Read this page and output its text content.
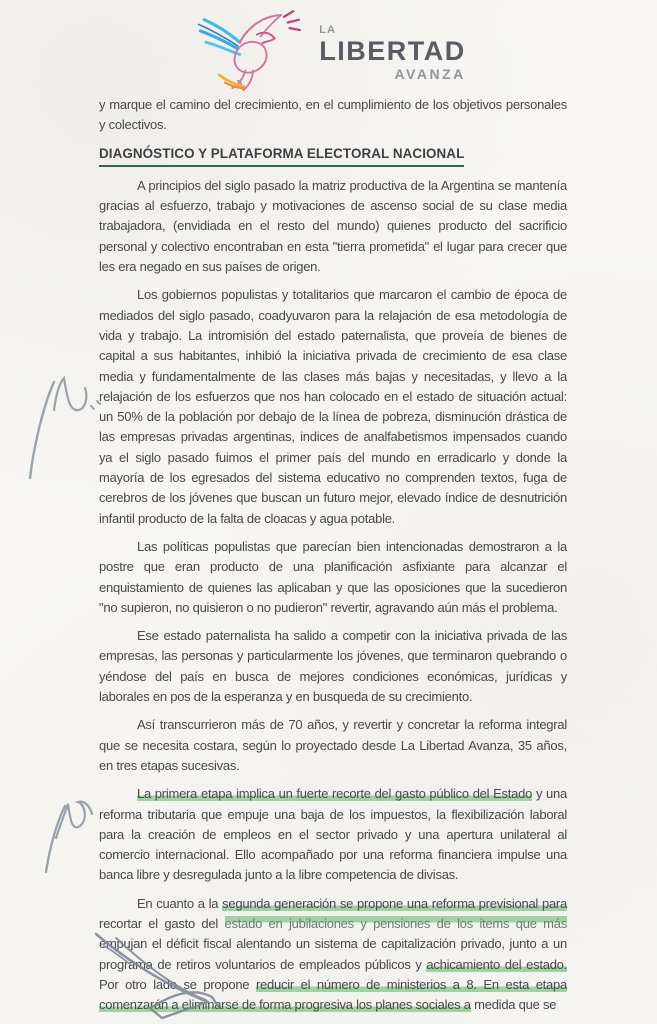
LA
LIBERTAD
AVANZA

y marque el camino del crecimiento, en el cumplimiento de los objetivos personales y colectivos.

DIAGNÓSTICO Y PLATAFORMA ELECTORAL NACIONAL

A principios del siglo pasado la matriz productiva de la Argentina se mantenía gracias al esfuerzo, trabajo y motivaciones de ascenso social de su clase media trabajadora, (envidiada en el resto del mundo) quienes producto del sacrificio personal y colectivo encontraban en esta "tierra prometida" el lugar para crecer que les era negado en sus países de origen.

Los gobiernos populistas y totalitarios que marcaron el cambio de época de mediados del siglo pasado, coadyuvaron para la relajación de esa metodología de vida y trabajo. La intromisión del estado paternalista, que proveía de bienes de capital a sus habitantes, inhibió la iniciativa privada de crecimiento de esa clase media y fundamentalmente de las clases más bajas y necesitadas, y llevo a la relajación de los esfuerzos que nos han colocado en el estado de situación actual: un 50% de la población por debajo de la línea de pobreza, disminución drástica de las empresas privadas argentinas, indices de analfabetismos impensados cuando ya el siglo pasado fuimos el primer país del mundo en erradicarlo y donde la mayoría de los egresados del sistema educativo no comprenden textos, fuga de cerebros de los jóvenes que buscan un futuro mejor, elevado índice de desnutrición infantil producto de la falta de cloacas y agua potable.

Las políticas populistas que parecían bien intencionadas demostraron a la postre que eran producto de una planificación asfixiante para alcanzar el enquistamiento de quienes las aplicaban y que las oposiciones que la sucedieron "no supieron, no quisieron o no pudieron" revertir, agravando aún más el problema.

Ese estado paternalista ha salido a competir con la iniciativa privada de las empresas, las personas y particularmente los jóvenes, que terminaron quebrando o yéndose del país en busca de mejores condiciones económicas, jurídicas y laborales en pos de la esperanza y en busqueda de su crecimiento.

Así transcurrieron más de 70 años, y revertir y concretar la reforma integral que se necesita costara, según lo proyectado desde La Libertad Avanza, 35 años, en tres etapas sucesivas.

La primera etapa implica un fuerte recorte del gasto público del Estado y una reforma tributaria que empuje una baja de los impuestos, la flexibilización laboral para la creación de empleos en el sector privado y una apertura unilateral al comercio internacional. Ello acompañado por una reforma financiera impulse una banca libre y desregulada junto a la libre competencia de divisas.

En cuanto a la segunda generación se propone una reforma previsional para recortar el gasto del estado en jubilaciones y pensiones de los items que más empujan el déficit fiscal alentando un sistema de capitalización privado, junto a un programa de retiros voluntarios de empleados públicos y achicamiento del estado. Por otro lado se propone reducir el número de ministerios a 8. En esta etapa comenzarán a eliminarse de forma progresiva los planes sociales a medida que se
